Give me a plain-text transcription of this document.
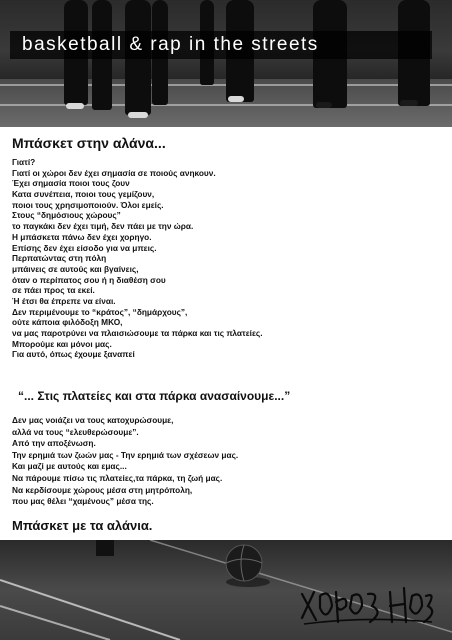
basketball & rap in the streets
Μπάσκετ στην αλάνα...
Γιατί?
Γιατί οι χώροι δεν έχει σημασία σε ποιούς ανηκουν.
Έχει σημασία ποιοι τους ζουν
Κατα συνέπεια, ποιοι τους γεμίζουν,
ποιοι τους χρησιμοποιούν. Όλοι εμείς.
Στους “δημόσιους χώρους”
το παγκάκι δεν έχει τιμή, δεν πάει με την ώρα.
Η μπάσκετα πάνω δεν έχει χορηγο.
Επίσης δεν έχει είσοδο για να μπεις.
Περπατώντας στη πόλη
μπάινεις σε αυτούς και βγαίνεις,
όταν ο περίπατος σου ή η διαθέση σου
σε πάει προς τα εκεί.
Ή έτσι θα έπρεπε να είναι.
Δεν περιμένουμε το “κράτος”, “δημάρχους”,
ούτε κάποια φιλόδοξη ΜΚΟ,
να μας παροτρύνει να πλαισιώσουμε τα πάρκα και τις πλατείες.
Μπορούμε και μόνοι μας.
Για αυτό, όπως έχουμε ξαναπεί
“... Στις πλατείες και στα πάρκα ανασαίνουμε...”
Δεν μας νοιάζει να τους κατοχυρώσουμε,
αλλά να τους “ελευθερώσουμε”.
Από την αποξένωση.
Την ερημιά των ζωών μας - Την ερημιά των σχέσεων μας.
Και μαζί με αυτούς και εμας...
Να πάρουμε πίσω τις πλατείες,τα πάρκα, τη ζωή μας.
Να κερδίσουμε χώρους μέσα στη μητρόπολη,
που μας θέλει “χαμένους” μέσα της.
Μπάσκετ με τα αλάνια.
